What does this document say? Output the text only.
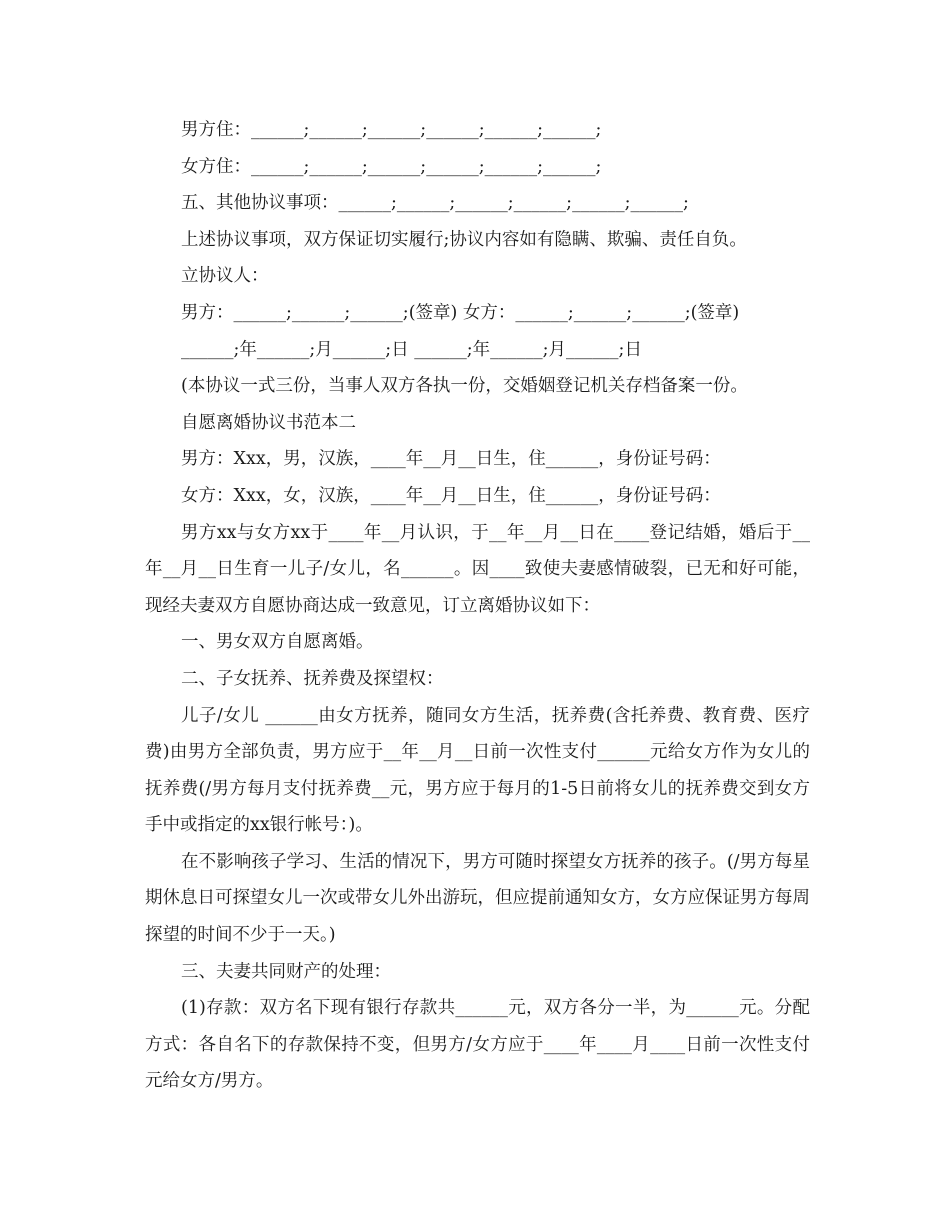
男方住：______;______;______;______;______;______;

女方住：______;______;______;______;______;______;

五、其他协议事项：______;______;______;______;______;______;

上述协议事项，双方保证切实履行;协议内容如有隐瞒、欺骗、责任自负。

立协议人：

男方：______;______;______;(签章) 女方：______;______;______;(签章)

______;年______;月______;日 ______;年______;月______;日

(本协议一式三份，当事人双方各执一份，交婚姻登记机关存档备案一份。

自愿离婚协议书范本二

男方：Xxx，男，汉族，____年__月__日生，住______，身份证号码：

女方：Xxx，女，汉族，____年__月__日生，住______，身份证号码：

男方xx与女方xx于____年__月认识，于__年__月__日在____登记结婚，婚后于__年__月__日生育一儿子/女儿，名______。因____致使夫妻感情破裂，已无和好可能，现经夫妻双方自愿协商达成一致意见，订立离婚协议如下：

一、男女双方自愿离婚。

二、子女抚养、抚养费及探望权：

儿子/女儿 ______由女方抚养，随同女方生活，抚养费(含托养费、教育费、医疗费)由男方全部负责，男方应于__年__月__日前一次性支付______元给女方作为女儿的抚养费(/男方每月支付抚养费__元，男方应于每月的1-5日前将女儿的抚养费交到女方手中或指定的xx银行帐号：)。

在不影响孩子学习、生活的情况下，男方可随时探望女方抚养的孩子。(/男方每星期休息日可探望女儿一次或带女儿外出游玩，但应提前通知女方，女方应保证男方每周探望的时间不少于一天。)

三、夫妻共同财产的处理：

(1)存款：双方名下现有银行存款共______元，双方各分一半，为______元。分配方式：各自名下的存款保持不变，但男方/女方应于____年____月____日前一次性支付 元给女方/男方。
